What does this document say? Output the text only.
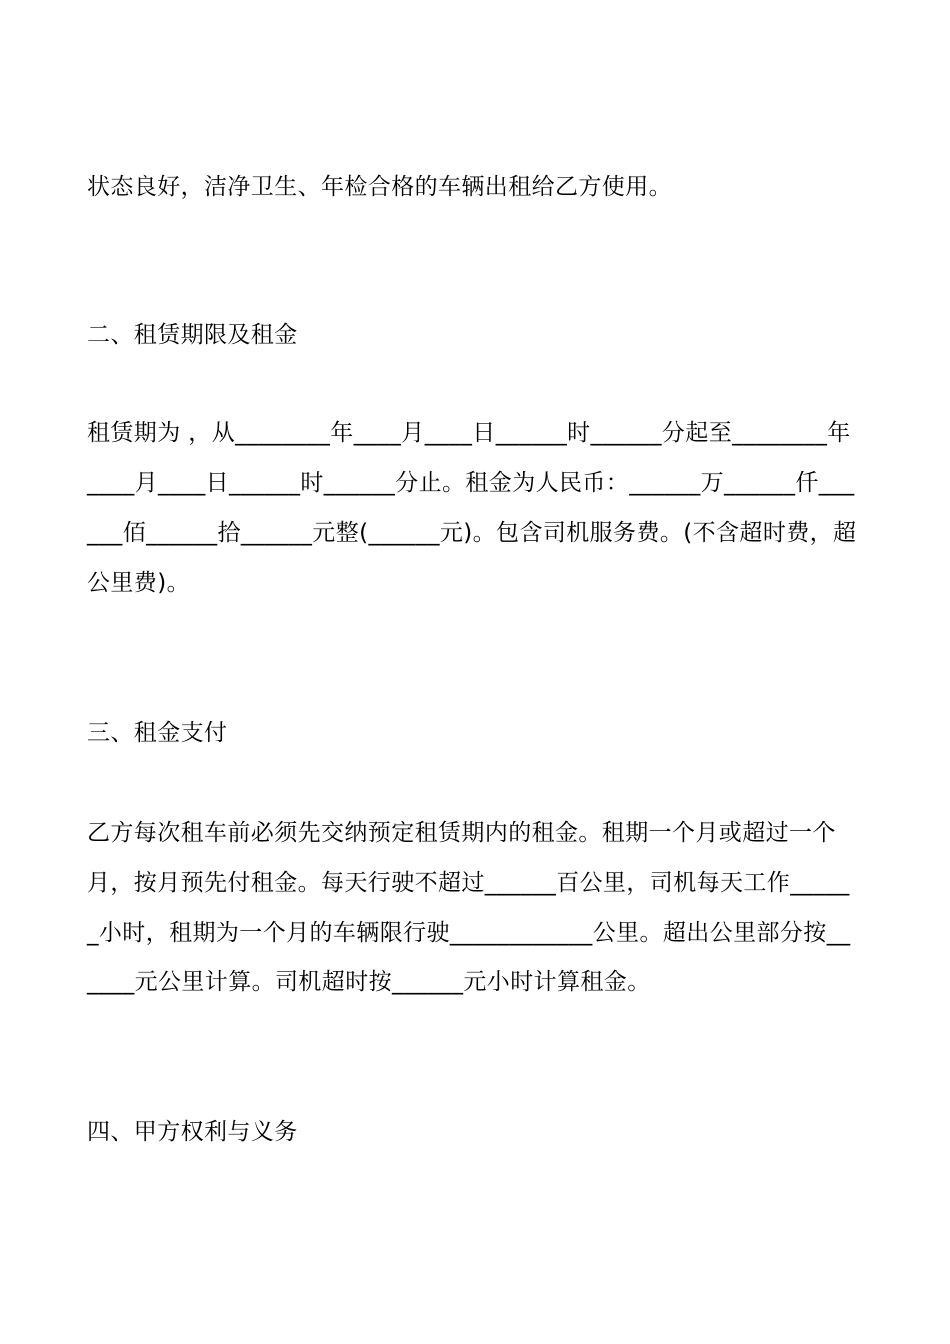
状态良好，洁净卫生、年检合格的车辆出租给乙方使用。
二、租赁期限及租金
租赁期为 ，从________年____月____日______时______分起至________年
____月____日______时______分止。租金为人民币：______万______仟___
___佰______拾______元整(______元)。包含司机服务费。(不含超时费，超
公里费)。
三、租金支付
乙方每次租车前必须先交纳预定租赁期内的租金。租期一个月或超过一个
月，按月预先付租金。每天行驶不超过______百公里，司机每天工作_____
_小时，租期为一个月的车辆限行驶____________公里。超出公里部分按__
____元公里计算。司机超时按______元小时计算租金。
四、甲方权利与义务
